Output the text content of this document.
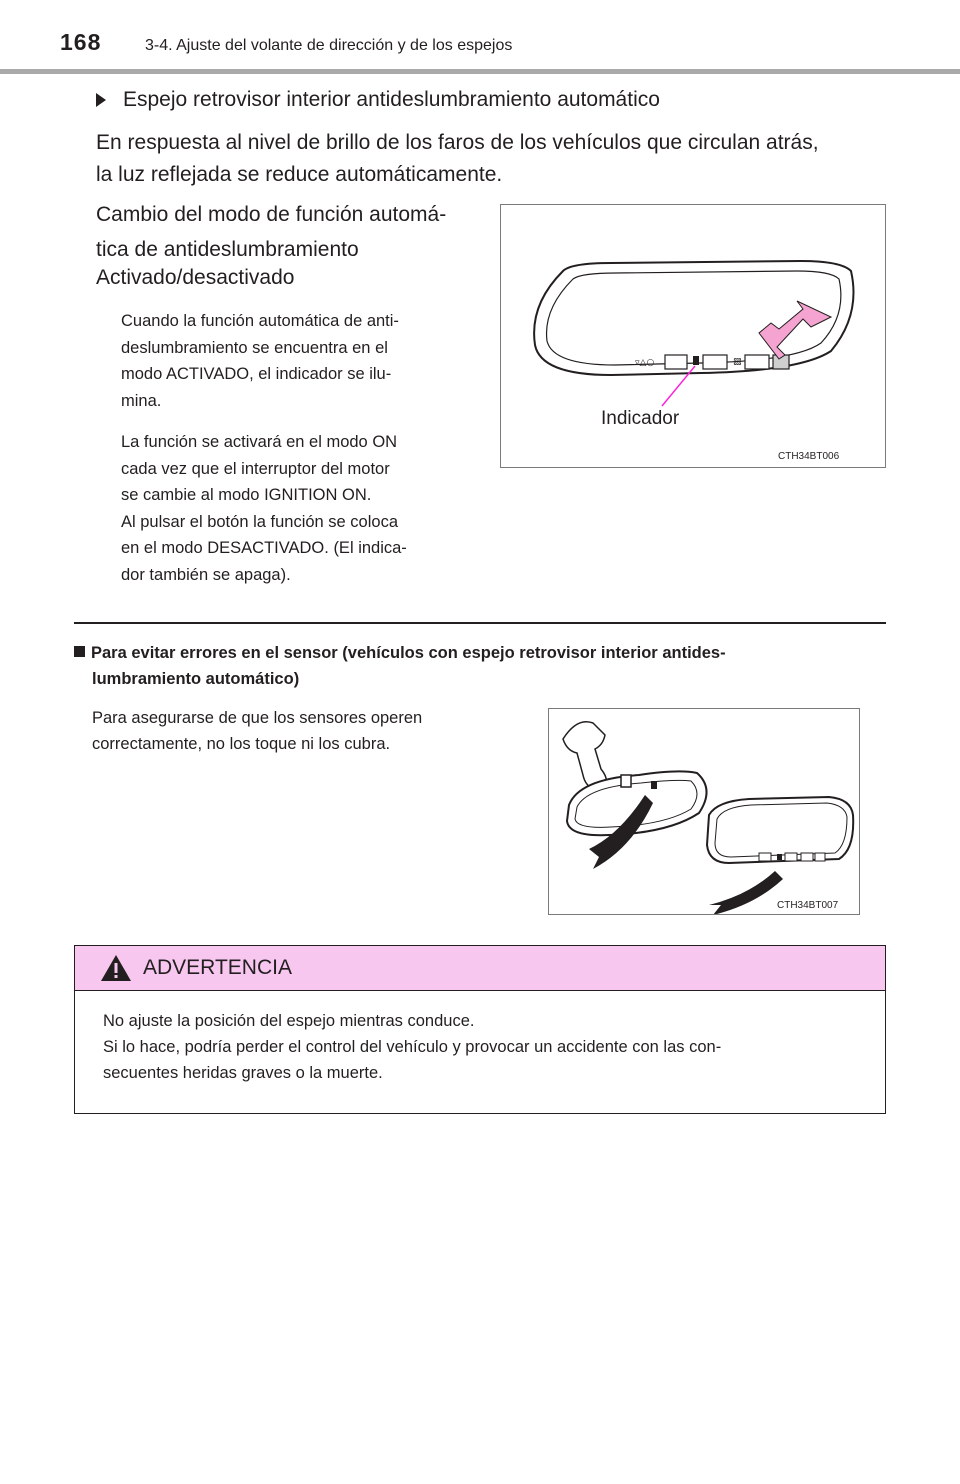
168	3-4. Ajuste del volante de dirección y de los espejos
Espejo retrovisor interior antideslumbramiento automático
En respuesta al nivel de brillo de los faros de los vehículos que circulan atrás,
la luz reflejada se reduce automáticamente.
Cambio del modo de función automá-
tica de antideslumbramiento
Activado/desactivado
Cuando la función automática de anti-
deslumbramiento se encuentra en el
modo ACTIVADO, el indicador se ilu-
mina.
La función se activará en el modo ON
cada vez que el interruptor del motor
se cambie al modo IGNITION ON.
Al pulsar el botón la función se coloca
en el modo DESACTIVADO. (El indica-
dor también se apaga).
▿△○	▧
Indicador
CTH34BT006
Para evitar errores en el sensor (vehículos con espejo retrovisor interior antides-
lumbramiento automático)
Para asegurarse de que los sensores operen
correctamente, no los toque ni los cubra.
CTH34BT007
ADVERTENCIA
No ajuste la posición del espejo mientras conduce.
Si lo hace, podría perder el control del vehículo y provocar un accidente con las con-
secuentes heridas graves o la muerte.
